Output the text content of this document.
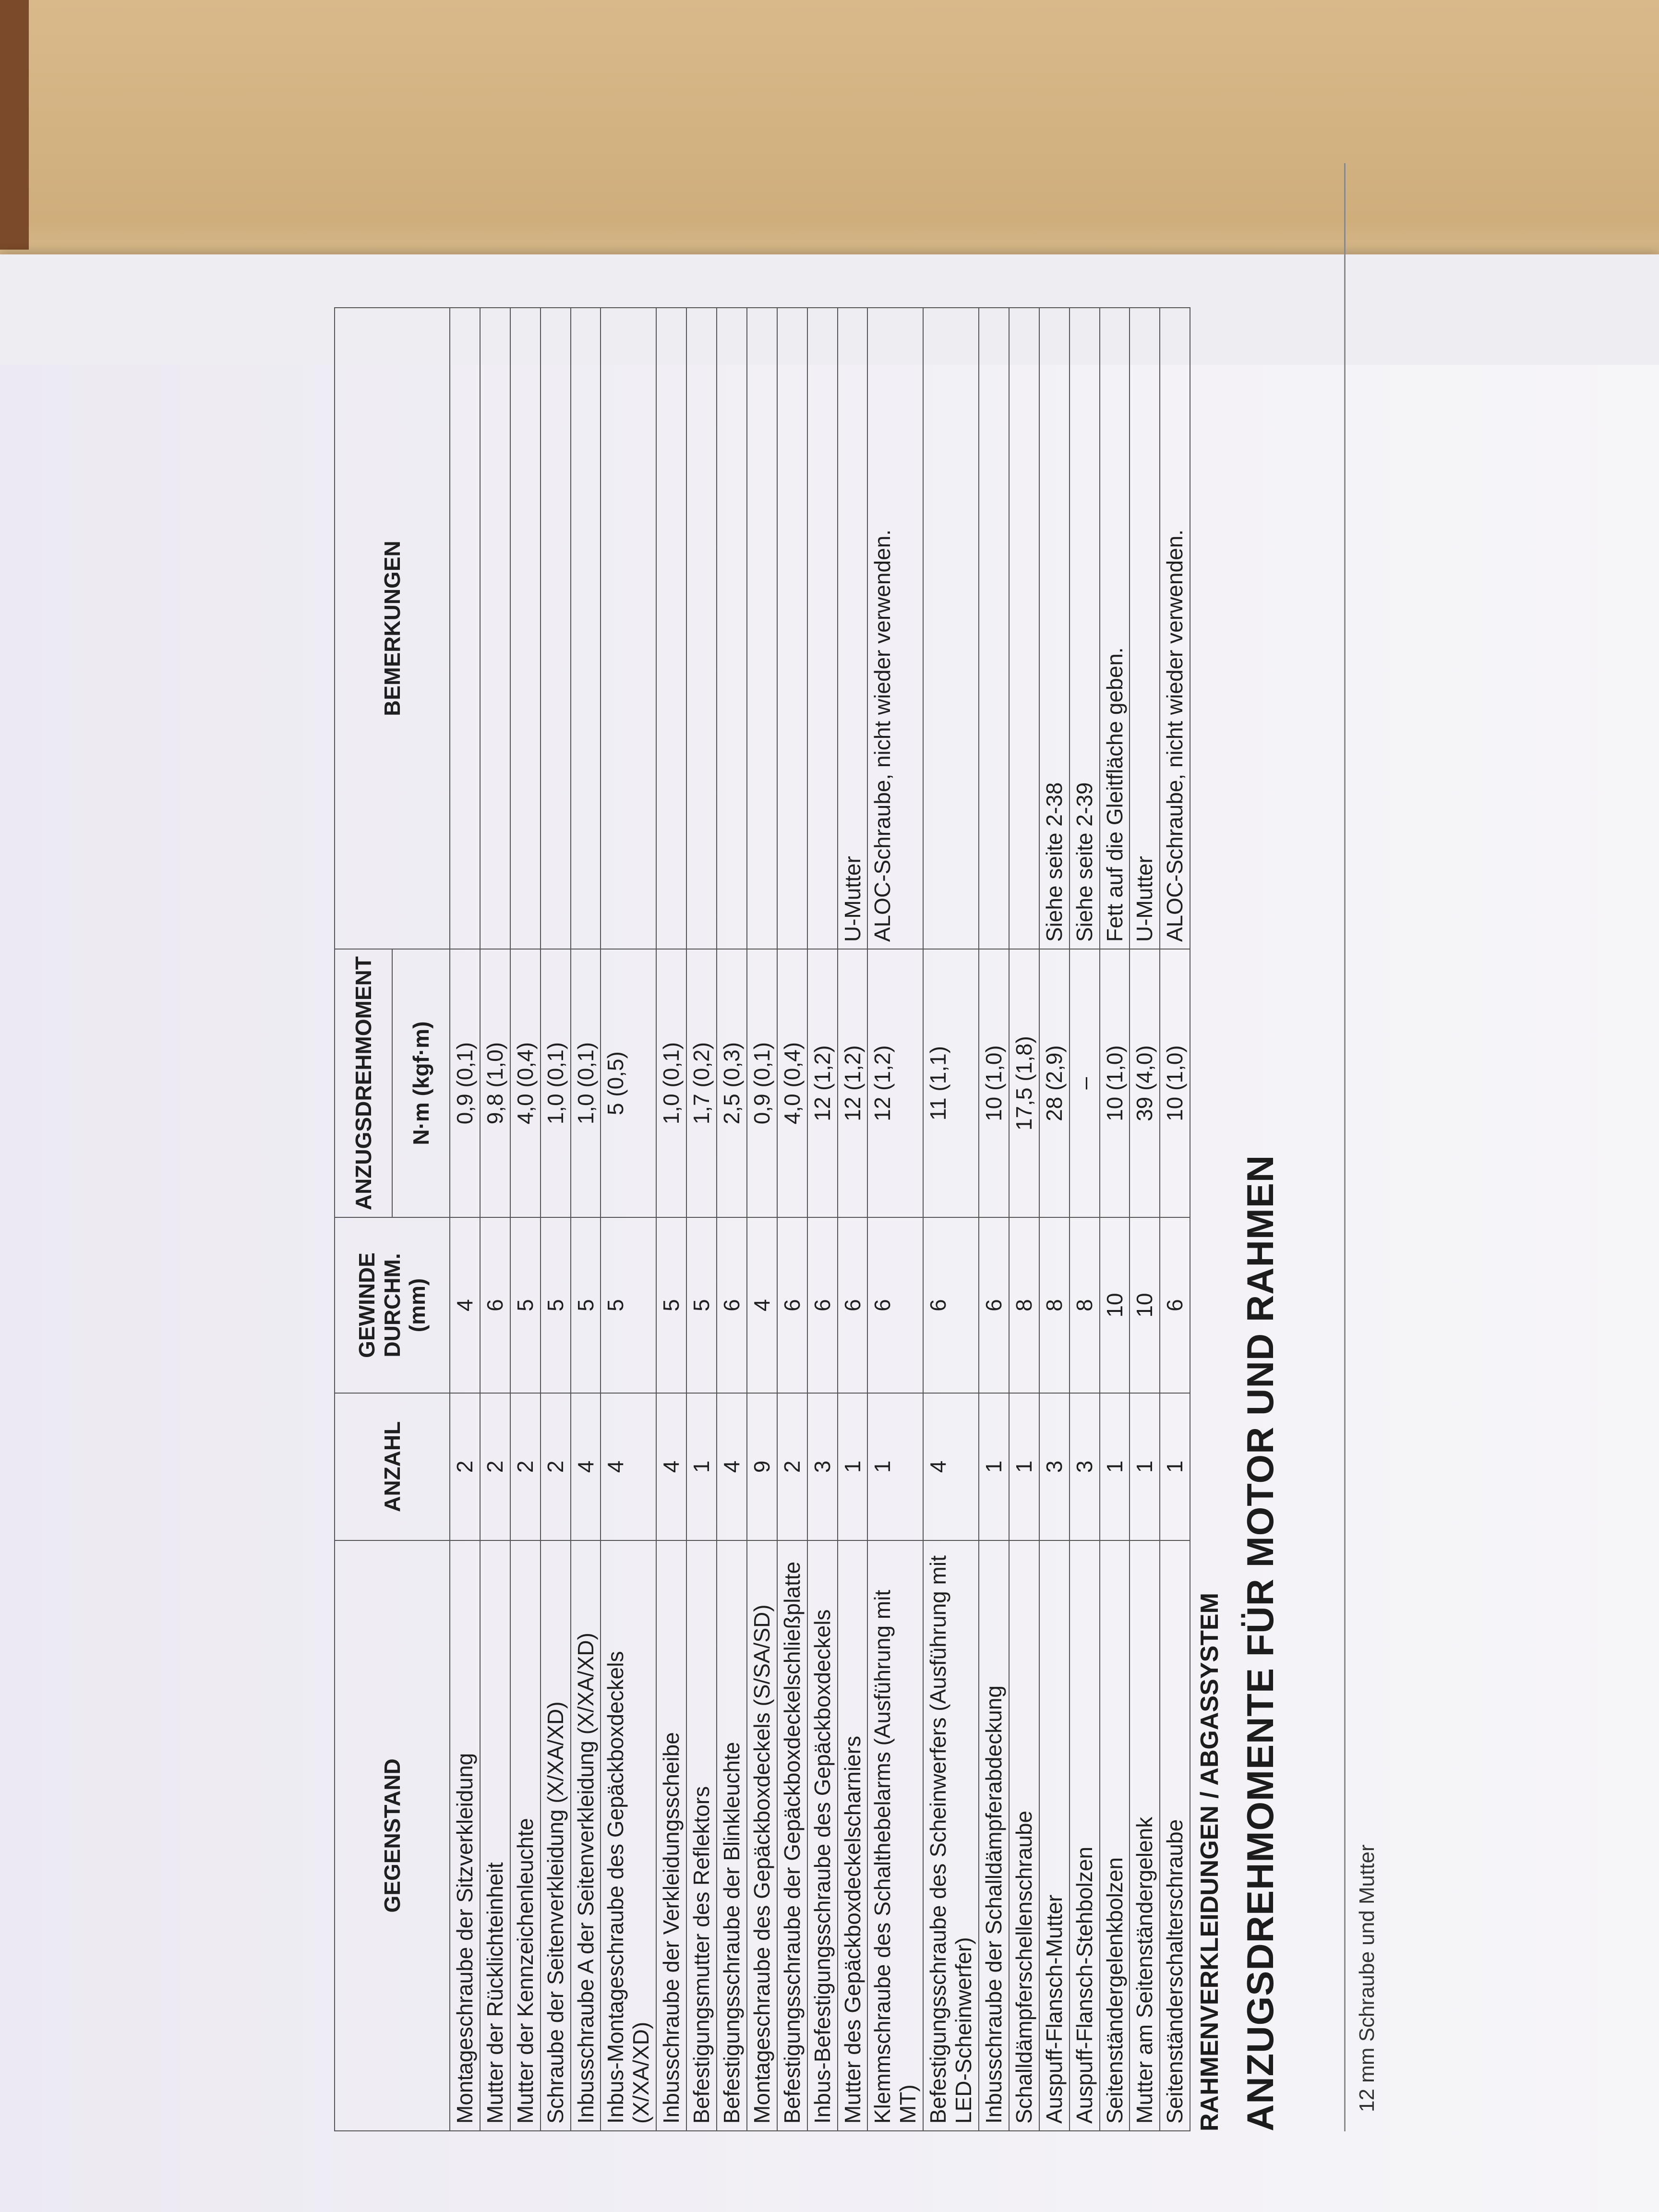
12 mm Schraube und Mutter
ANZUGSDREHMOMENTE FÜR MOTOR UND RAHMEN
RAHMENVERKLEIDUNGEN / ABGASSYSTEM
GEGENSTAND	ANZAHL	GEWINDE DURCHM. (mm)	ANZUGSDREHMOMENT	BEMERKUNGEN
			N·m (kgf·m)	
Montageschraube der Sitzverkleidung	2	4	0,9 (0,1)	
Mutter der Rücklichteinheit	2	6	9,8 (1,0)	
Mutter der Kennzeichenleuchte	2	5	4,0 (0,4)	
Schraube der Seitenverkleidung (X/XA/XD)	2	5	1,0 (0,1)	
Inbusschraube A der Seitenverkleidung (X/XA/XD)	4	5	1,0 (0,1)	
Inbus-Montageschraube des Gepäckboxdeckels (X/XA/XD)	4	5	5 (0,5)	
Inbusschraube der Verkleidungsscheibe	4	5	1,0 (0,1)	
Befestigungsmutter des Reflektors	1	5	1,7 (0,2)	
Befestigungsschraube der Blinkleuchte	4	6	2,5 (0,3)	
Montageschraube des Gepäckboxdeckels (S/SA/SD)	9	4	0,9 (0,1)	
Befestigungsschraube der Gepäckboxdeckelschließplatte	2	6	4,0 (0,4)	
Inbus-Befestigungsschraube des Gepäckboxdeckels	3	6	12 (1,2)	
Mutter des Gepäckboxdeckelscharniers	1	6	12 (1,2)	U-Mutter
Klemmschraube des Schalthebelarms (Ausführung mit MT)	1	6	12 (1,2)	ALOC-Schraube, nicht wieder verwenden.
Befestigungsschraube des Scheinwerfers (Ausführung mit LED-Scheinwerfer)	4	6	11 (1,1)	
Inbusschraube der Schalldämpferabdeckung	1	6	10 (1,0)	
Schalldämpferschellenschraube	1	8	17,5 (1,8)	
Auspuff-Flansch-Mutter	3	8	28 (2,9)	Siehe seite 2-38
Auspuff-Flansch-Stehbolzen	3	8	–	Siehe seite 2-39
Seitenständergelenkbolzen	1	10	10 (1,0)	Fett auf die Gleitfläche geben.
Mutter am Seitenständergelenk	1	10	39 (4,0)	U-Mutter
Seitenständerschalterschraube	1	6	10 (1,0)	ALOC-Schraube, nicht wieder verwenden.
